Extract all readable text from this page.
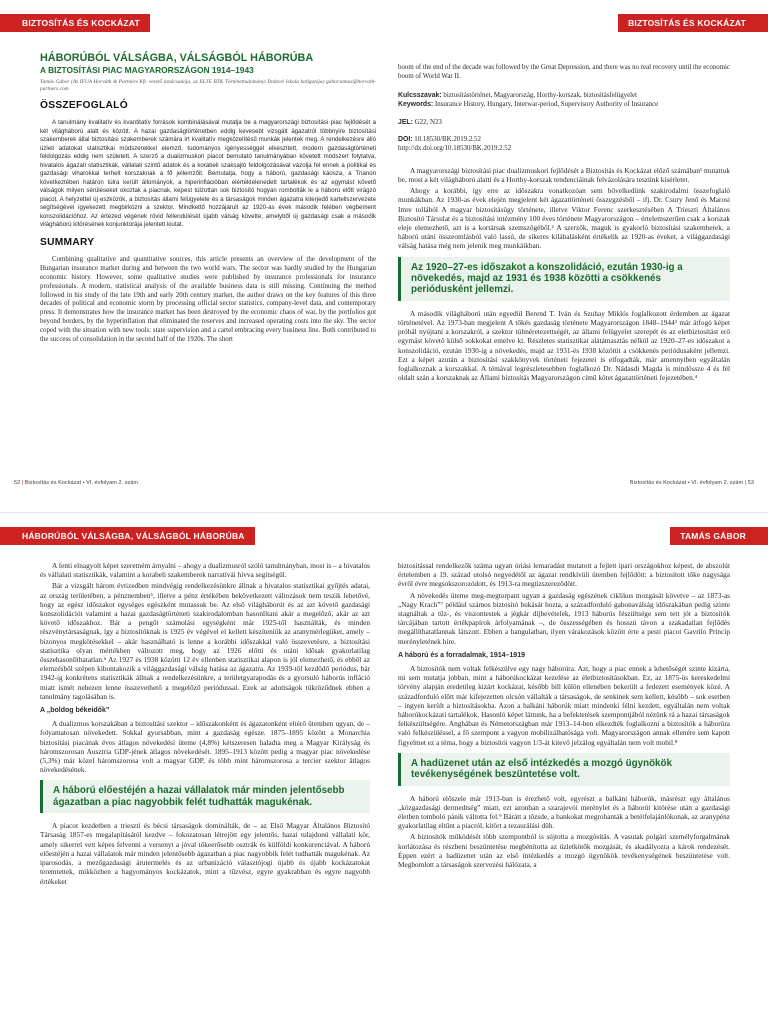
BIZTOSÍTÁS ÉS KOCKÁZAT	BIZTOSÍTÁS ÉS KOCKÁZAT
HÁBORÚBÓL VÁLSÁGBA, VÁLSÁGBÓL HÁBORÚBA
A BIZTOSÍTÁSI PIAC MAGYARORSZÁGON 1914–1943
Tamás Gábor (Az IFUA Horváth & Partners Kft. vezető tanácsadója, az ELTE BTK Történettudományi Doktori Iskola hallgatója) gabor.tamas@horvath-partners.com
ÖSSZEFOGLALÓ

A tanulmány kvalitatív és kvantitatív források kombinálásával mutatja be a magyarországi biztosítási piac fejlődését a két világháború alatt és között. A hazai gazdaságtörténetben eddig kevesebt vizsgált ágazatról többnyire biztosítási szakemberek által biztosítási szakemberek számára írt kvalitatív megközelítésű munkák jelentek meg. A rendelkezésre álló üzleti adatokat statisztikai módszerekkel elemző, tudományos igényességgel elkészített, modern gazdaságtörténeti feldolgozás eddig nem született. A szerző a dualizmuskori piacot bemutató tanulmányában követett módszert folytatva, hivatalos ágazati statisztikák, vállalati szintű adatok és a korabeli szaksajtó feldolgozásával vázolja fel ennek a politikai és gazdasági viharokkal terhelt korszaknak a fő jellemzőit. Bemutatja, hogy a háború, gazdasági káosza, a Trianon következtében határon túlra került állományok, a hiperinflációban elértéktelenedett tartalékok és az egymást követő válságok milyen sérüléseket okoztak a piacnak, képest túlzottan sok biztosító hogyan rombolták le a háború előtt virágzó piacot. A helyzettel új eszközök, a biztosítás állami felügyelete és a társaságok minden ágazatra kiterjedő kartellszervezete segítségével igyekezett megbirkózni a szektor. Mindkettő hozzájárult az 1920-as évek második felében végbement konszolidációhoz. Az értézed végének rövid fellendülését újabb válság követte, amelyből új gazdasági csak a második világháború kitörésének konjunktúrája jelentett kiutat.

SUMMARY

Combining qualitative and quantitative sources, this article presents an overview of the development of the Hungarian insurance market during and between the two world wars. The sector was hardly studied by the Hungarian economic history. However, some qualitative studies were published by insurance professionals for insurance professionals. A modern, statistical analysis of the available business data is still missing. Continuing the method followed in his study of the late 19th and early 20th century market, the author draws on the key features of this three decades of political and economic storm by processing official sector statistics, company-level data, and contemporary press. It demonstrates how the insurance market has been destroyed by the economic chaos of war, by the portfolios got beyond borders, by the hyperinflation that eliminated the reserves and increased operating costs into the sky. The sector coped with the situation with new tools: state supervision and a cartel embracing every business line. Both contributed to the success of consolidation in the second half of the 1920s. The short

boom of the end of the decade was followed by the Great Depression, and there was no real recovery until the economic boom of World War II.

Kulcsszavak: biztosítástörténet, Magyarország, Horthy-korszak, biztosításfelügyelet
Keywords: Insurance History, Hungary, Interwar-period, Supervisory Authority of Insurance
JEL: G22, N23
DOI: 10.18530/BK.2019.2.52
http://dx.doi.org/10.18530/BK.2019.2.52

A magyarországi biztosítási piac dualizmuskori fejlődését a Biztosítás és Kockázat előző számában¹ mutattuk be, most a két világháború alatti és a Horthy-korszak tendenciáinak felvázolására teszünk kísérletet.

Ahogy a korábbi, így erre az időszakra vonatkozóan sem bővelkedünk szakirodalmi összefoglaló munkákban. Az 1930-as évek elején megjelent két ágazattörténeti összegzésből – ifj. Dr. Csury Jenő és Marosi Imre tollából A magyar biztosításügy története, illetve Viktor Ferenc szerkesztésében A Trieszti Általános Biztosító Társulat és a biztosítási intézmény 100 éves története Magyarországon – értelemszerűen csak a korszak eleje elemezhető, azt is a kortársak szemszögéből.² A szerzők, maguk is gyakorló biztosítási szakemberek, a háború utáni összeomlásból való lassú, de sikeres kilábalásként értékelik az 1920-as éveket, a világgazdasági válság hatása még nem jelenik meg munkáikban.

Az 1920–27-es időszakot a konszolidáció, ezután 1930-ig a növekedés, majd az 1931 és 1938 közötti a csökkenés periódusként jellemzi.

A második világháború után egyedül Berend T. Iván és Szuhay Miklós foglalkozott érdemben az ágazat történetével. Az 1973-ban megjelent A tőkés gazdaság története Magyarországon 1848–1944³ már átfogó képet próbál nyújtani a korszakról, a szektor túlméretezettségét, az állami felügyelet szerepét és az eletbiztosítást erő egymást követő külső sokkokat emelve ki. Részletes statisztikai alátámasztás nélkül az 1920–27-es időszakot a konszolidáció, ezután 1930-ig a növekedés, majd az 1931-és 1938 közöttit a csökkenés periódusaként jellemzi. Ezt a képet azután a biztosítási szakkönyvek történeti fejezetei is elfogadták, már amennyiben egyáltalán foglalkoznak a korszakkal. A témával legrészletesebben foglalkozó Dr. Nádasdi Magda is mindössze 4 és fél oldalt szán a korszaknak az Állami biztosítás Magyarországon című kötet ágazattörténeti fejezetében.⁴

52 | Biztosítás és Kockázat • VI. évfolyam 2. szám	Biztosítás és Kockázat • VI. évfolyam 2. szám | 53
HÁBORÚBÓL VÁLSÁGBA, VÁLSÁGBÓL HÁBORÚBA	TAMÁS GÁBOR

A fenti elnagyolt képet szeretném árnyalni – ahogy a dualizmusról szóló tanulmányban, most is – a hivatalos és vállalati statisztikák, valamint a korabeli szakemberek narratívái hívva segítségül.

Bár a vizsgált három évtizedben mindvégig rendelkezésünkre állnak a hivatalos statisztikai gyűjtés adatai, az ország területében, a pénznemben⁵, illetve a pénz értékében bekövetkezett változások nem teszik lehetővé, hogy az egész időszakot egységes egészként mutassuk be. Az első világháborút és az azt követő gazdasági konszolidációt valamint a hazai gazdaságtörténeti szakirodalomban hasonlítani akár a megelőző, akár az azt követő időszakhoz. Bár a pengőt számolási egységként már 1925-től használták, és minden részvénytársaságnak, így a biztosítóknak is 1925 év végével el kellett készíteniük az aranymérlegüket, amely – bizonyos megkötésekkel – akár használható is lenne a korábbi időszakkal való összevetésre, a biztosítási statisztika olyan mértékben változott meg, hogy az 1926 előtti és utáni idősak gyakorlatilag összehasonlíthatatlan.⁶ Az 1927 és 1938 közötti 12 év ellenben statisztikai alapon is jól elemezhető, és ebből az elemzésből szépen kibontakozik a világgazdasági válság hatása az ágazatra. Az 1939-től kezdődő periódus, bár 1942-ig konkrétens statisztikák állnak a rendelkezésünkre, a területgyarapodás és a gyorsuló háborús infláció miatt ismét nehezen lenne összevethető a megelőző periódussal. Ezek az adottságok tükröződnek ebben a tanulmány tagolásában is.

A „boldog békeidők”

A dualizmus korszakában a biztosítási szektor – időszakonként és ágazatonként eltérő ütemben ugyan, de – folyamatosan növekedett. Sokkal gyorsabban, mint a gazdaság egésze. 1875–1895 között a Monarchia biztosítási piacának éves átlagos növekedési üteme (4,8%) kétszeresen haladta meg a Magyar Királyság és háromszorosan Ausztria GDP-jének átlagos növekedését. 1895–1913 között pedig a magyar piac növekedése (5,3%) már közel háromszorosa volt a magyar GDP, és több mint háromszorosa a tercier szektor átlagos növekedésének.

A háború előestéjén a hazai vállalatok már minden jelentősebb ágazatban a piac nagyobbik felét tudhatták magukénak.

A piacot kezdetben a trieszti és bécsi társaságok dominálták, de – az Első Magyar Általános Biztosító Társaság 1857-es megalapításától kezdve – fokozatosan létrejött egy jelentős, hazai tulajdonú vállalati kör, amely sikerrel vett képes felvenni a versenyt a jóval tőkeerősebb osztrák és külföldi konkurenciával. A háború előestéjén a hazai vállalatok már minden jelentősebb ágazatban a piac nagyobbik felét tudhatták magukénak. Az iparosodás, a mezőgazdasági árutermelés és az urbanizáció választójogi újabb és újabb kockázatokat teremtettek, mikközben a hagyományos kockázatok, mint a tűzvész, egyre gyakrabban és egyre nagyobb értékeket

biztosítással rendelkezők száma ugyan óriási lemaradást mutatott a fejlett ipari országokhoz képest, de abszolút értelemben a 19. század utolsó negyedétől az ágazat rendkívüli ütemben fejlődött: a biztosított tőke nagysága évről évre megsokszorozódott, és 1913-ra megtizszereződött.

A növekedés üteme meg-megtorpant ugyan a gazdaság egészének ciklikus mozgását követve – az 1873-as „Nagy Krach”⁷ például számos biztosító bukását hozta, a századforduló gabonaválság időszakában pedig szinte stagnáltak a tűz-, és viszontestek a jégkár díjbevételek, 1913 háborús fészültsége sem tett jót a biztosítók tárcájában tartott értékpapírok árfolyamának –, de összességében és hosszú távon a szakadatlan fejlődés megállíthatatlannak látszott. Ebben a hangulatban, ilyen várakozások között érte a pesti piacot Gavrilo Princip merényletének híre.

A háború és a forradalmak, 1914–1919

A biztosítók nem voltak felkészülve egy nagy háborúra. Azt, hogy a piac ennek a lehetőségét szinte kizárta, mi sem mutatja jobban, mint a háborúkockázat kezelése az életbiztosításokban. Ez, az 1875-ös kereskedelmi törvény alapján eredetileg kizárt kockázat, később bill külön ellenében bekerült a fedezett események közé. A századforduló előtt már kifejezetten olcsón vállalták a társaságok, de senkinek sem kellett, később – sok esetben – ingyen került a biztosításokba. Azon a balkáni háborúk miatt mindenki félni kezdett, egyáltalán nem voltak háborúkockázati tartalékok. Hasonló képet láttunk, ha a befektetések szempontjából nézünk rá a hazai társaságok felkészültségére. Anghában és Németországban már 1913–14-ben elkezdték foglalkozni a biztosítók a háborúra való felkészüléssel, a fő szempont a vagyon mobilizálhatósága volt. Magyarországon annak ellenére sem kapott figyelmet ez a téma, hogy a biztosítói vagyon 1/3-át kitevő jelzálog egyáltalán nem volt mobil.⁸

A hadüzenet után az első intézkedés a mozgó ügynökök tevékenységének beszüntetése volt.

A háború előszele már 1913-ban is érezhető volt, egyrészt a balkáni háborúk, másrészt egy általános „közgazdasági dermedtség” miatt, ezt azonban a szarajevói merénylet és a háborút kitörése után a gazdasági életben tomboló pánik váltotta fel.⁹ Bárátt a tőzsde, a bankokat megrohanták a betétfelajánlókonak, az aranypénz gyakorlatilag eltűnt a piacról, kitört a tezaurálási düh.

A biztosítók működését több szempontból is sújtotta a mozgósítás. A vasutak polgári személyforgalmának korlátozása és részbeni beszüntetése megbénította az üzletkötők mozgását, és akadályozta a károk rendezését. Éppen ezért a hadüzenet után az első intézkedés a mozgó ügynökök tevékenységének beszüntetése volt. Megbomlott a társaságok szervezési hálózata, a
